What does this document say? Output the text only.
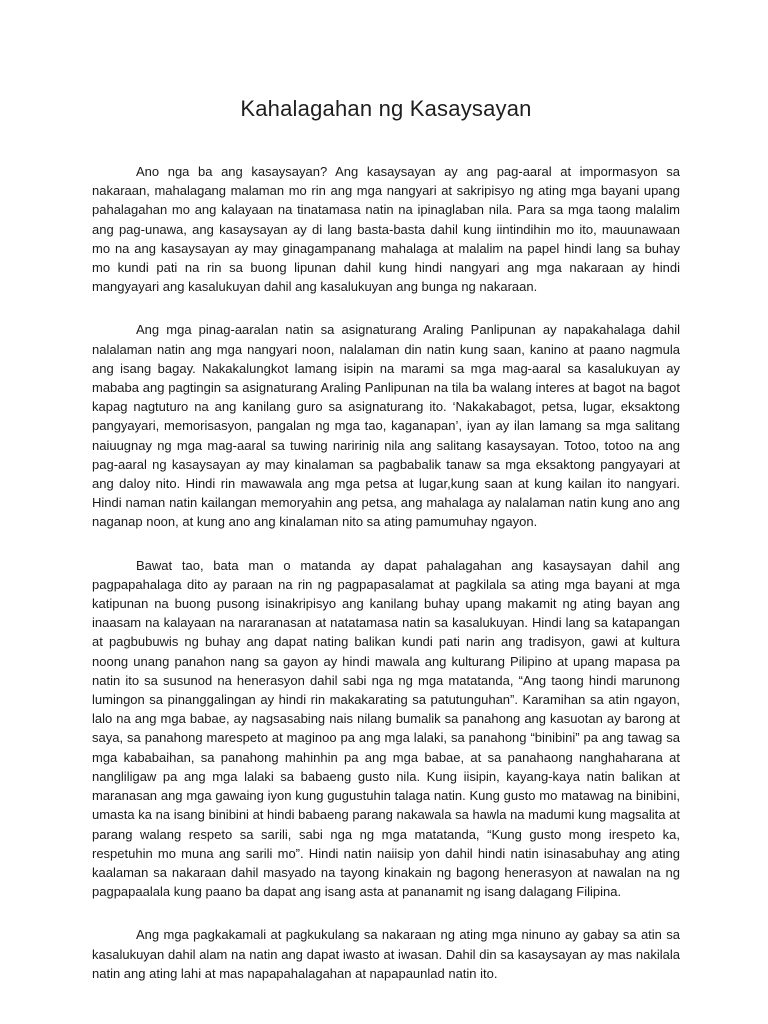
Kahalagahan ng Kasaysayan

Ano nga ba ang kasaysayan? Ang kasaysayan ay ang pag-aaral at impormasyon sa nakaraan, mahalagang malaman mo rin ang mga nangyari at sakripisyo ng ating mga bayani upang pahalagahan mo ang kalayaan na tinatamasa natin na ipinaglaban nila. Para sa mga taong malalim ang pag-unawa, ang kasaysayan ay di lang basta-basta dahil kung iintindihin mo ito, mauunawaan mo na ang kasaysayan ay may ginagampanang mahalaga at malalim na papel hindi lang sa buhay mo kundi pati na rin sa buong lipunan dahil kung hindi nangyari ang mga nakaraan ay hindi mangyayari ang kasalukuyan dahil ang kasalukuyan ang bunga ng nakaraan.

Ang mga pinag-aaralan natin sa asignaturang Araling Panlipunan ay napakahalaga dahil nalalaman natin ang mga nangyari noon, nalalaman din natin kung saan, kanino at paano nagmula ang isang bagay. Nakakalungkot lamang isipin na marami sa mga mag-aaral sa kasalukuyan ay mababa ang pagtingin sa asignaturang Araling Panlipunan na tila ba walang interes at bagot na bagot kapag nagtuturo na ang kanilang guro sa asignaturang ito. ‘Nakakabagot, petsa, lugar, eksaktong pangyayari, memorisasyon, pangalan ng mga tao, kaganapan’, iyan ay ilan lamang sa mga salitang naiuugnay ng mga mag-aaral sa tuwing naririnig nila ang salitang kasaysayan. Totoo, totoo na ang pag-aaral ng kasaysayan ay may kinalaman sa pagbabalik tanaw sa mga eksaktong pangyayari at ang daloy nito. Hindi rin mawawala ang mga petsa at lugar,kung saan at kung kailan ito nangyari. Hindi naman natin kailangan memoryahin ang petsa, ang mahalaga ay nalalaman natin kung ano ang naganap noon, at kung ano ang kinalaman nito sa ating pamumuhay ngayon.

Bawat tao, bata man o matanda ay dapat pahalagahan ang kasaysayan dahil ang pagpapahalaga dito ay paraan na rin ng pagpapasalamat at pagkilala sa ating mga bayani at mga katipunan na buong pusong isinakripisyo ang kanilang buhay upang makamit ng ating bayan ang inaasam na kalayaan na nararanasan at natatamasa natin sa kasalukuyan. Hindi lang sa katapangan at pagbubuwis ng buhay ang dapat nating balikan kundi pati narin ang tradisyon, gawi at kultura noong unang panahon nang sa gayon ay hindi mawala ang kulturang Pilipino at upang mapasa pa natin ito sa susunod na henerasyon dahil sabi nga ng mga matatanda, “Ang taong hindi marunong lumingon sa pinanggalingan ay hindi rin makakarating sa patutunguhan”. Karamihan sa atin ngayon, lalo na ang mga babae, ay nagsasabing nais nilang bumalik sa panahong ang kasuotan ay barong at saya, sa panahong marespeto at maginoo pa ang mga lalaki, sa panahong “binibini” pa ang tawag sa mga kababaihan, sa panahong mahinhin pa ang mga babae, at sa panahaong nanghaharana at nangliligaw pa ang mga lalaki sa babaeng gusto nila. Kung iisipin, kayang-kaya natin balikan at maranasan ang mga gawaing iyon kung gugustuhin talaga natin. Kung gusto mo matawag na binibini, umasta ka na isang binibini at hindi babaeng parang nakawala sa hawla na madumi kung magsalita at parang walang respeto sa sarili, sabi nga ng mga matatanda, “Kung gusto mong irespeto ka, respetuhin mo muna ang sarili mo”. Hindi natin naiisip yon dahil hindi natin isinasabuhay ang ating kaalaman sa nakaraan dahil masyado na tayong kinakain ng bagong henerasyon at nawalan na ng pagpapaalala kung paano ba dapat ang isang asta at pananamit ng isang dalagang Filipina.

Ang mga pagkakamali at pagkukulang sa nakaraan ng ating mga ninuno ay gabay sa atin sa kasalukuyan dahil alam na natin ang dapat iwasto at iwasan. Dahil din sa kasaysayan ay mas nakilala natin ang ating lahi at mas napapahalagahan at napapaunlad natin ito.
